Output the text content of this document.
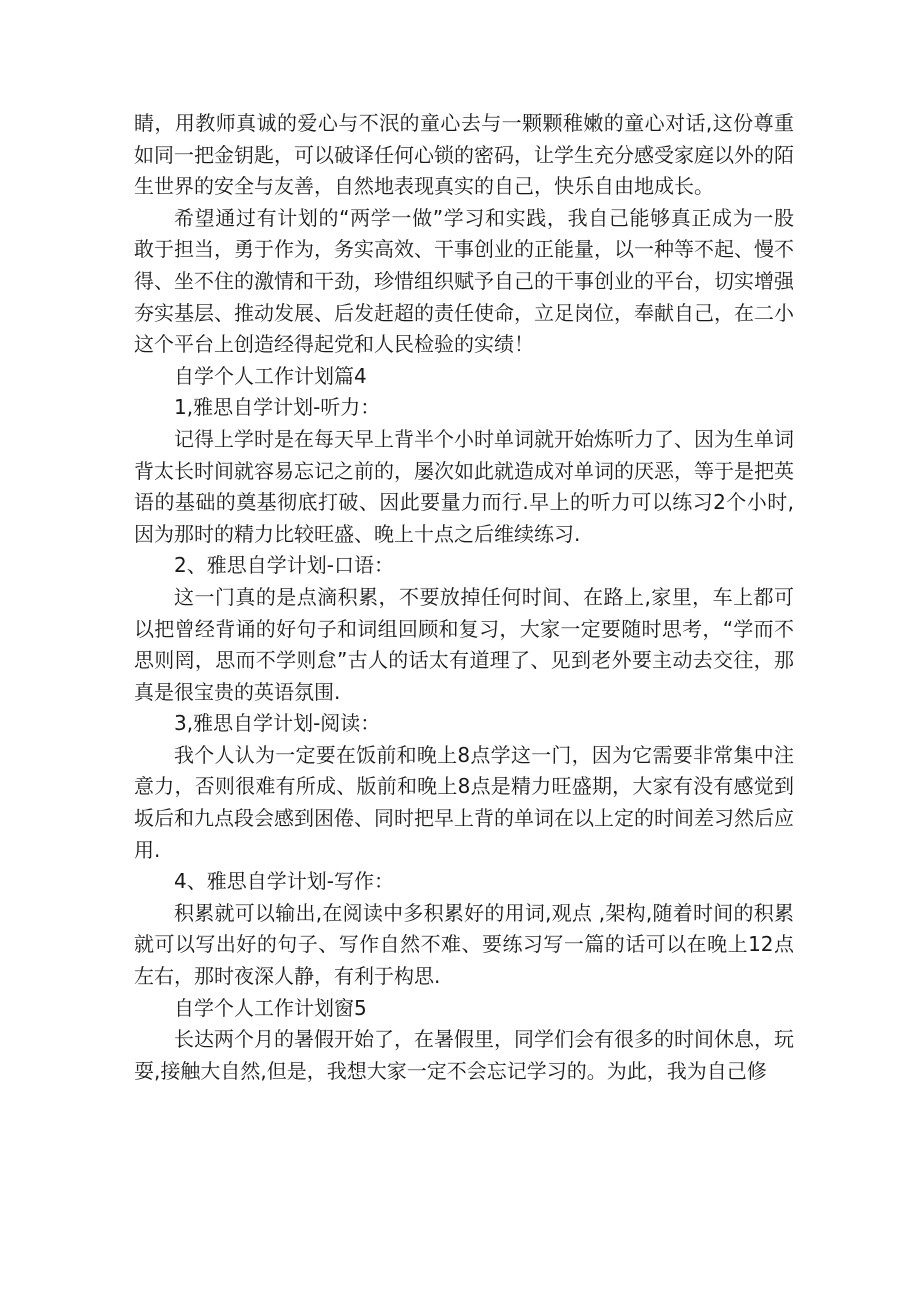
睛，用教师真诚的爱心与不泯的童心去与一颗颗稚嫩的童心对话,这份尊重如同一把金钥匙，可以破译任何心锁的密码，让学生充分感受家庭以外的陌生世界的安全与友善，自然地表现真实的自己，快乐自由地成长。

希望通过有计划的“两学一做”学习和实践，我自己能够真正成为一股敢于担当，勇于作为，务实高效、干事创业的正能量，以一种等不起、慢不得、坐不住的激情和干劲，珍惜组织赋予自己的干事创业的平台，切实增强夯实基层、推动发展、后发赶超的责任使命，立足岗位，奉献自己，在二小这个平台上创造经得起党和人民检验的实绩！

自学个人工作计划篇4

1,雅思自学计划-听力：

记得上学时是在每天早上背半个小时单词就开始炼听力了、因为生单词背太长时间就容易忘记之前的，屡次如此就造成对单词的厌恶，等于是把英语的基础的奠基彻底打破、因此要量力而行.早上的听力可以练习2个小时,因为那时的精力比较旺盛、晚上十点之后维续练习.

2、雅思自学计划-口语：

这一门真的是点滴积累，不要放掉任何时间、在路上,家里，车上都可以把曾经背诵的好句子和词组回顾和复习，大家一定要随时思考，“学而不思则罔，思而不学则怠”古人的话太有道理了、见到老外要主动去交往，那真是很宝贵的英语氛围.

3,雅思自学计划-阅读：

我个人认为一定要在饭前和晚上8点学这一门，因为它需要非常集中注意力，否则很难有所成、版前和晚上8点是精力旺盛期，大家有没有感觉到坂后和九点段会感到困倦、同时把早上背的单词在以上定的时间差习然后应用.

4、雅思自学计划-写作：

积累就可以输出,在阅读中多积累好的用词,观点 ,架构,随着时间的积累就可以写出好的句子、写作自然不难、要练习写一篇的话可以在晚上12点左右，那时夜深人静，有利于构思.

自学个人工作计划窗5

长达两个月的暑假开始了，在暑假里，同学们会有很多的时间休息，玩耍,接触大自然,但是，我想大家一定不会忘记学习的。为此，我为自己修
